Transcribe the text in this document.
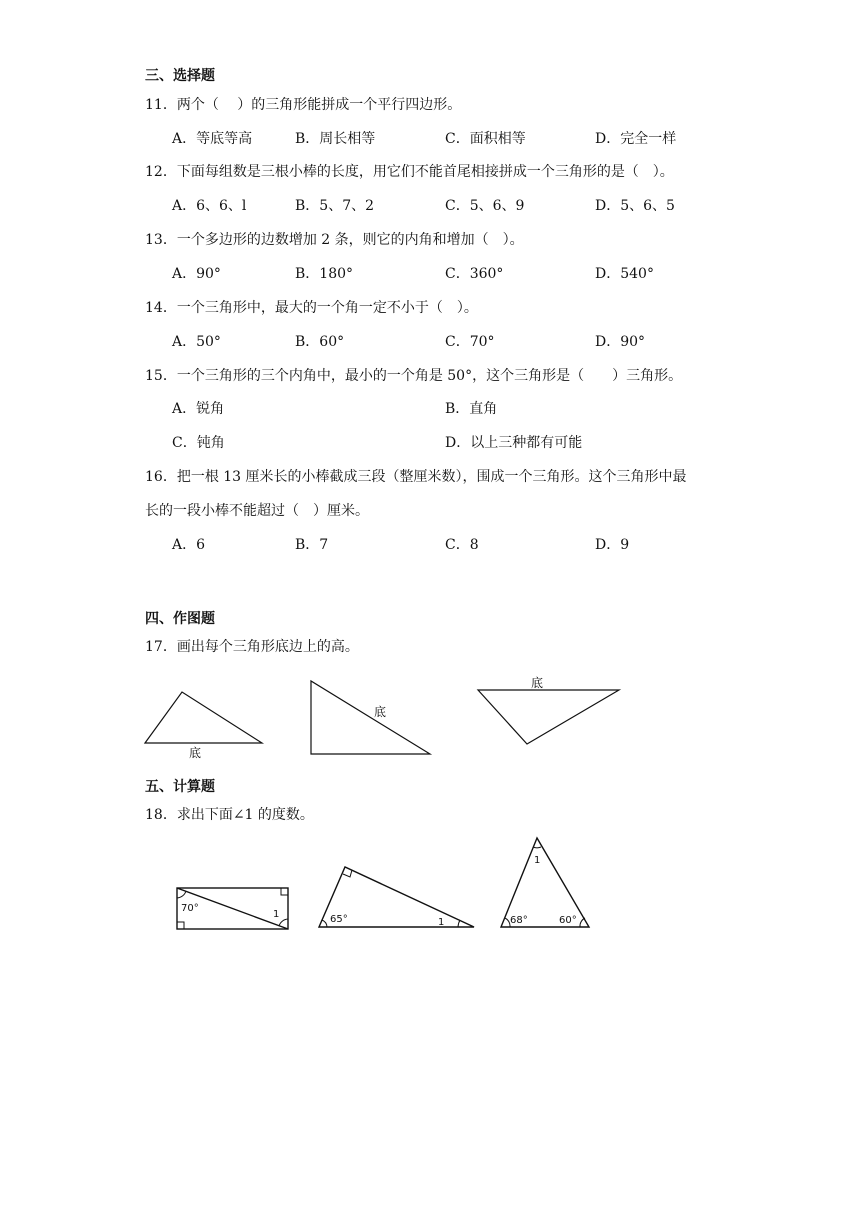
三、选择题
11．两个（　 ）的三角形能拼成一个平行四边形。
A．等底等高	B．周长相等	C．面积相等	D．完全一样
12．下面每组数是三根小棒的长度，用它们不能首尾相接拼成一个三角形的是（　）。
A．6、6、l	B．5、7、2	C．5、6、9	D．5、6、5
13．一个多边形的边数增加 2 条，则它的内角和增加（　）。
A．90°	B．180°	C．360°	D．540°
14．一个三角形中，最大的一个角一定不小于（　）。
A．50°	B．60°	C．70°	D．90°
15．一个三角形的三个内角中，最小的一个角是 50°，这个三角形是（　　）三角形。
A．锐角	B．直角
C．钝角	D．以上三种都有可能
16．把一根 13 厘米长的小棒截成三段（整厘米数），围成一个三角形。这个三角形中最
长的一段小棒不能超过（　）厘米。
A．6	B．7	C．8	D．9
四、作图题
17．画出每个三角形底边上的高。
五、计算题
18．求出下面∠1 的度数。
底
底
底
70°
1	65°	1
1
68°	60°
